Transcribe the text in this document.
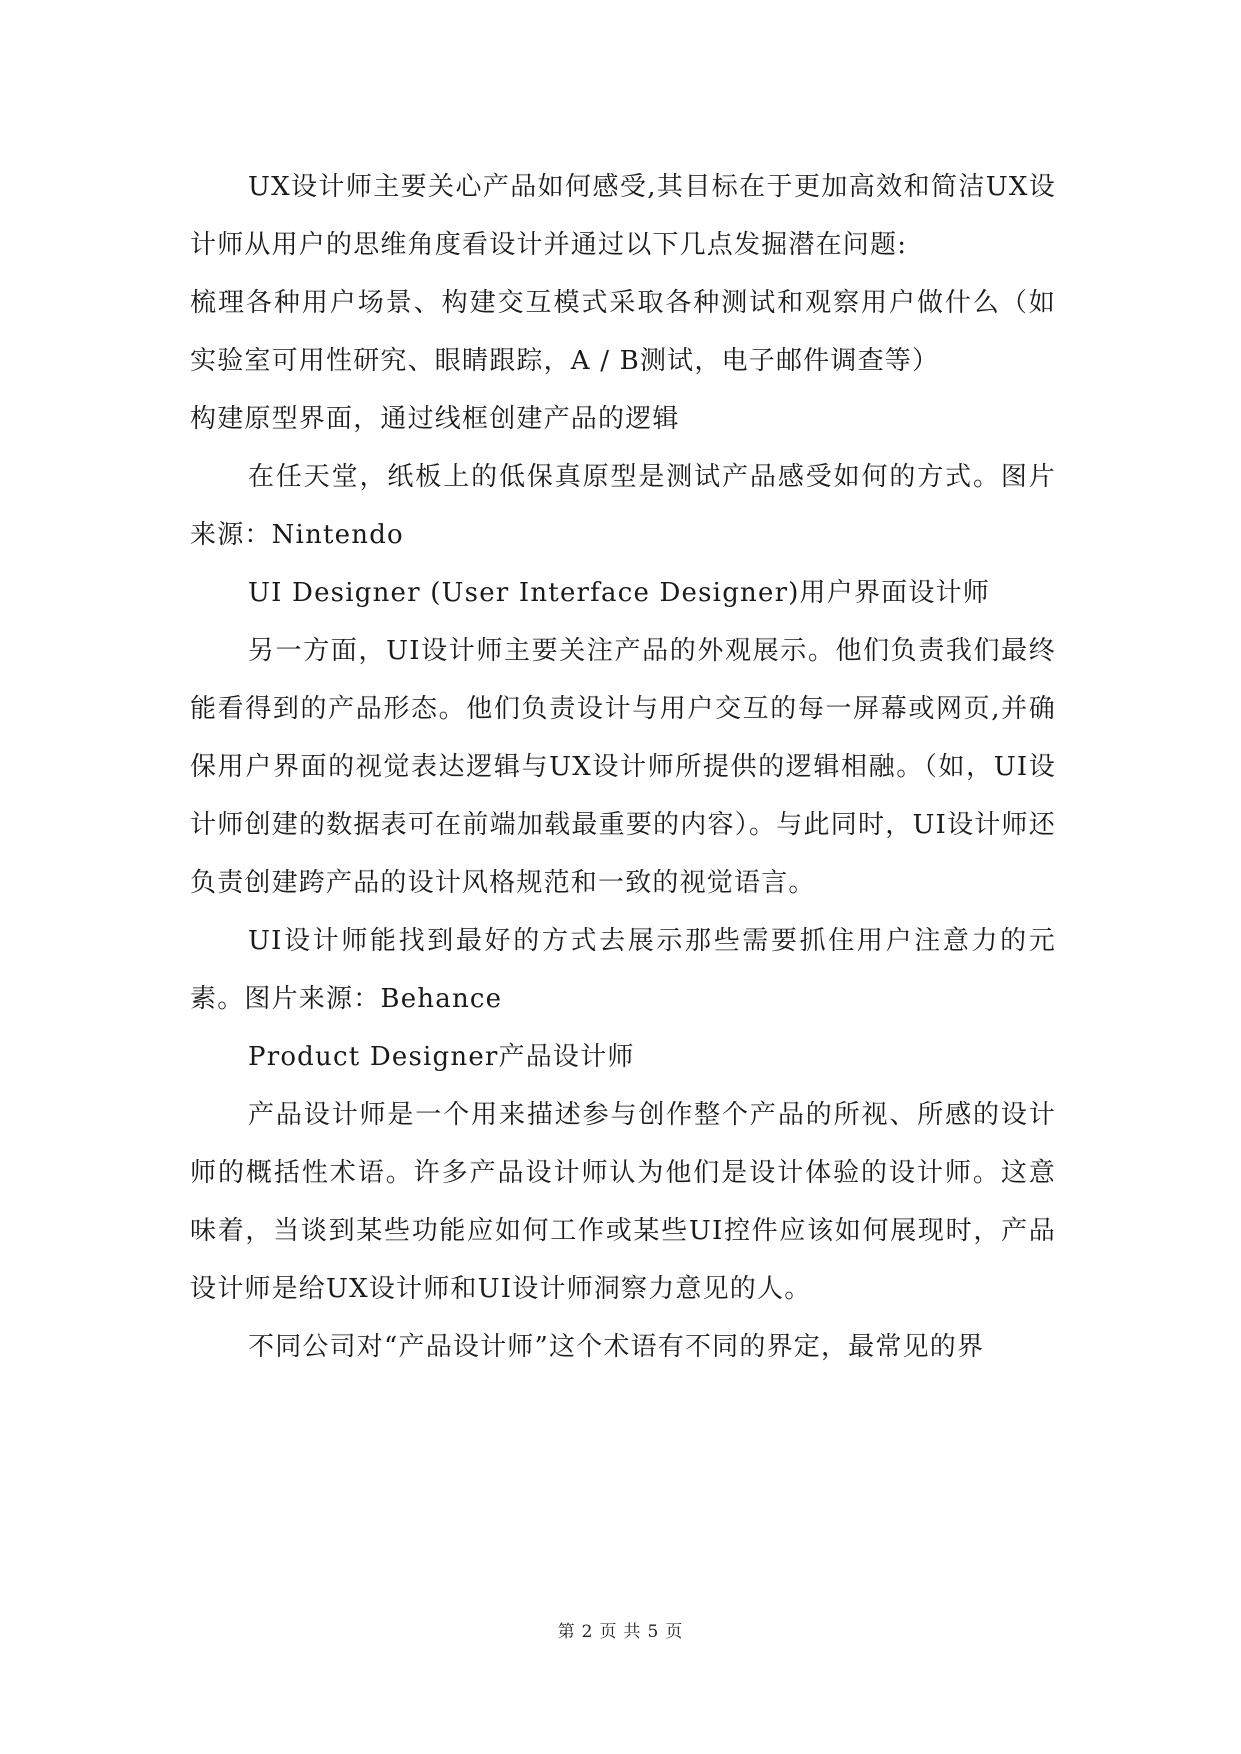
UX设计师主要关心产品如何感受,其目标在于更加高效和简洁UX设计师从用户的思维角度看设计并通过以下几点发掘潜在问题:

梳理各种用户场景、构建交互模式采取各种测试和观察用户做什么（如实验室可用性研究、眼睛跟踪，A / B测试，电子邮件调查等）

构建原型界面，通过线框创建产品的逻辑

在任天堂，纸板上的低保真原型是测试产品感受如何的方式。图片来源：Nintendo

UI Designer (User Interface Designer)用户界面设计师

另一方面，UI设计师主要关注产品的外观展示。他们负责我们最终能看得到的产品形态。他们负责设计与用户交互的每一屏幕或网页,并确保用户界面的视觉表达逻辑与UX设计师所提供的逻辑相融。（如，UI设计师创建的数据表可在前端加载最重要的内容）。与此同时，UI设计师还负责创建跨产品的设计风格规范和一致的视觉语言。

UI设计师能找到最好的方式去展示那些需要抓住用户注意力的元素。图片来源：Behance

Product Designer产品设计师

产品设计师是一个用来描述参与创作整个产品的所视、所感的设计师的概括性术语。许多产品设计师认为他们是设计体验的设计师。这意味着，当谈到某些功能应如何工作或某些UI控件应该如何展现时，产品设计师是给UX设计师和UI设计师洞察力意见的人。

不同公司对“产品设计师”这个术语有不同的界定，最常见的界

第 2 页 共 5 页
